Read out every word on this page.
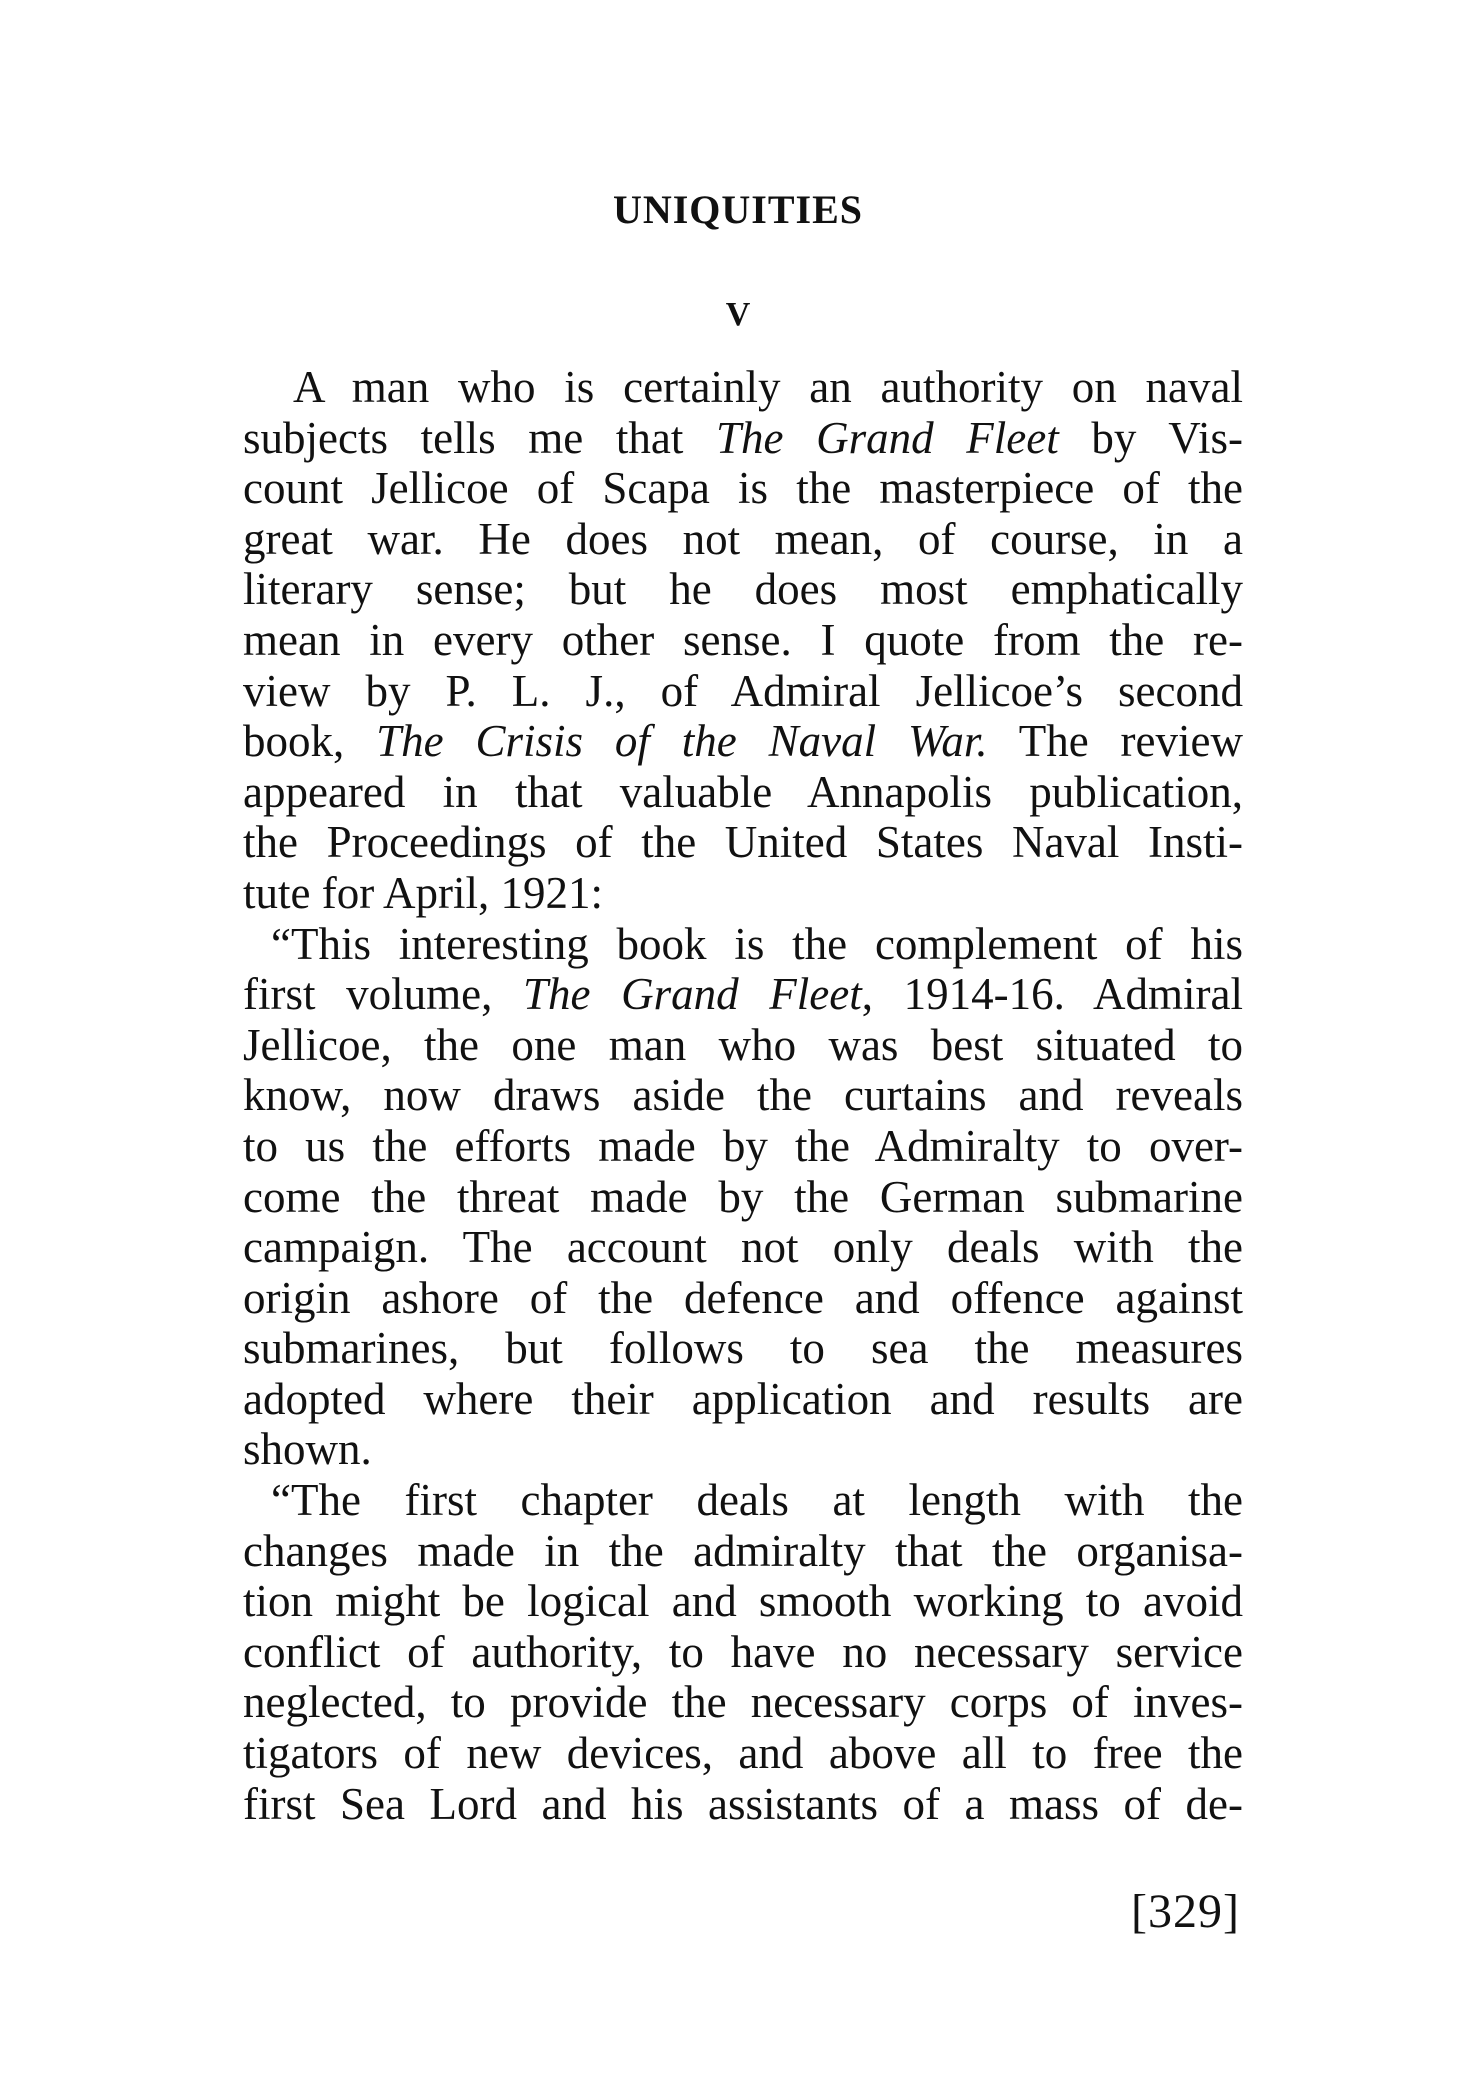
UNIQUITIES
V
A man who is certainly an authority on naval
subjects tells me that The Grand Fleet by Vis-
count Jellicoe of Scapa is the masterpiece of the
great war. He does not mean, of course, in a
literary sense; but he does most emphatically
mean in every other sense. I quote from the re-
view by P. L. J., of Admiral Jellicoe’s second
book, The Crisis of the Naval War. The review
appeared in that valuable Annapolis publication,
the Proceedings of the United States Naval Insti-
tute for April, 1921:
“This interesting book is the complement of his
first volume, The Grand Fleet, 1914-16. Admiral
Jellicoe, the one man who was best situated to
know, now draws aside the curtains and reveals
to us the efforts made by the Admiralty to over-
come the threat made by the German submarine
campaign. The account not only deals with the
origin ashore of the defence and offence against
submarines, but follows to sea the measures
adopted where their application and results are
shown.
“The first chapter deals at length with the
changes made in the admiralty that the organisa-
tion might be logical and smooth working to avoid
conflict of authority, to have no necessary service
neglected, to provide the necessary corps of inves-
tigators of new devices, and above all to free the
first Sea Lord and his assistants of a mass of de-
[329]
